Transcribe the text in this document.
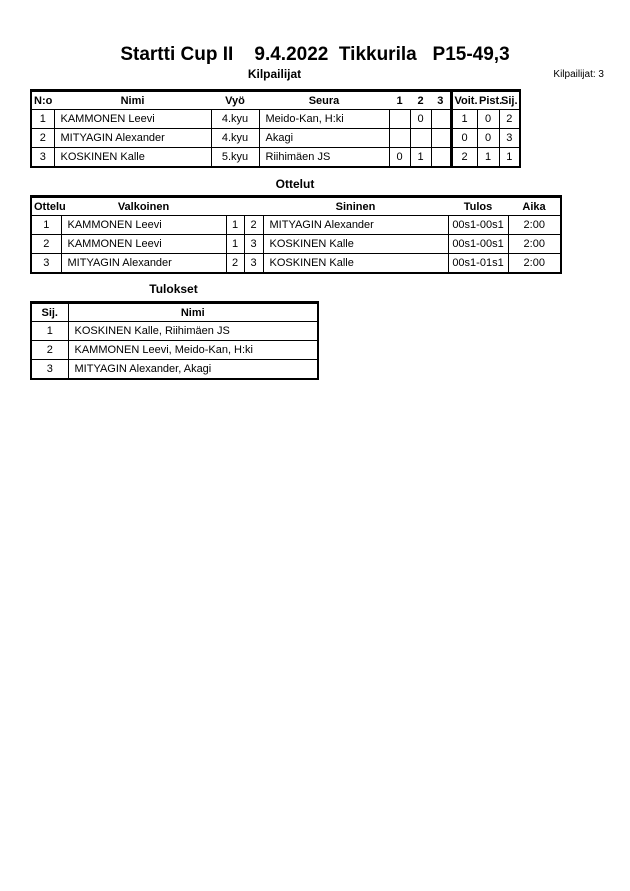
Startti Cup II    9.4.2022  Tikkurila   P15-49,3
Kilpailijat	Kilpailijat: 3
N:o	Nimi	Vyö	Seura	1	2	3	Voit.	Pist.	Sij.
1	KAMMONEN Leevi	4.kyu	Meido-Kan, H:ki		0		1	0	2
2	MITYAGIN Alexander	4.kyu	Akagi				0	0	3
3	KOSKINEN Kalle	5.kyu	Riihimäen JS	0	1		2	1	1
Ottelut
Ottelu	Valkoinen			Sininen	Tulos	Aika
1	KAMMONEN Leevi	1	2	MITYAGIN Alexander	00s1-00s1	2:00
2	KAMMONEN Leevi	1	3	KOSKINEN Kalle	00s1-00s1	2:00
3	MITYAGIN Alexander	2	3	KOSKINEN Kalle	00s1-01s1	2:00
Tulokset
Sij.	Nimi
1	KOSKINEN Kalle, Riihimäen JS
2	KAMMONEN Leevi, Meido-Kan, H:ki
3	MITYAGIN Alexander, Akagi
